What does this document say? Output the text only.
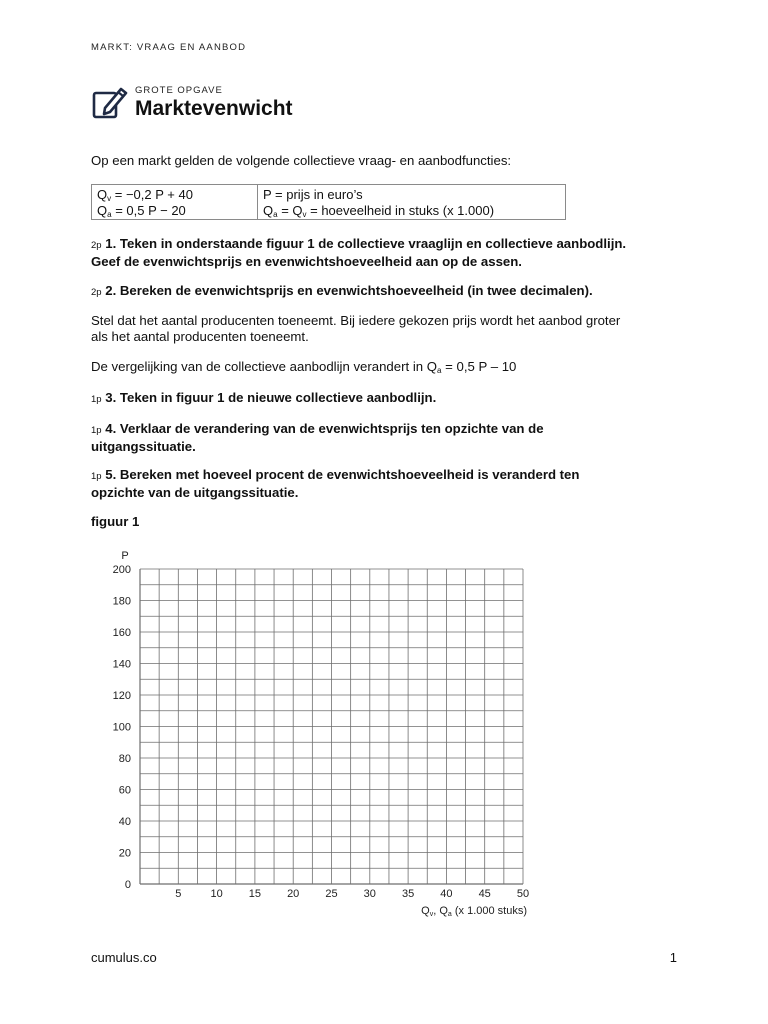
MARKT: VRAAG EN AANBOD
GROTE OPGAVE
Marktevenwicht
Op een markt gelden de volgende collectieve vraag- en aanbodfuncties:
$Q_v = -0,2$ P + 40
$Q_a = 0,5$ P − 20
P = prijs in euro’s
$Q_a = Q_v$ = hoeveelheid in stuks (x 1.000)
2p 1. Teken in onderstaande figuur 1 de collectieve vraaglijn en collectieve aanbodlijn.
Geef de evenwichtsprijs en evenwichtshoeveelheid aan op de assen.
2p 2. Bereken de evenwichtsprijs en evenwichtshoeveelheid (in twee decimalen).
Stel dat het aantal producenten toeneemt. Bij iedere gekozen prijs wordt het aanbod groter
als het aantal producenten toeneemt.
De vergelijking van de collectieve aanbodlijn verandert in $Q_a = 0,5$ P – 10
1p 3. Teken in figuur 1 de nieuwe collectieve aanbodlijn.
1p 4. Verklaar de verandering van de evenwichtsprijs ten opzichte van de
uitgangssituatie.
1p 5. Bereken met hoeveel procent de evenwichtshoeveelheid is veranderd ten
opzichte van de uitgangssituatie.
figuur 1
0
20
40
60
80
100
120
140
160
180
200
5	10 15 20 25 30 35 40 45 50
P
Qv, Qa (x 1.000 stuks)
cumulus.co	1
